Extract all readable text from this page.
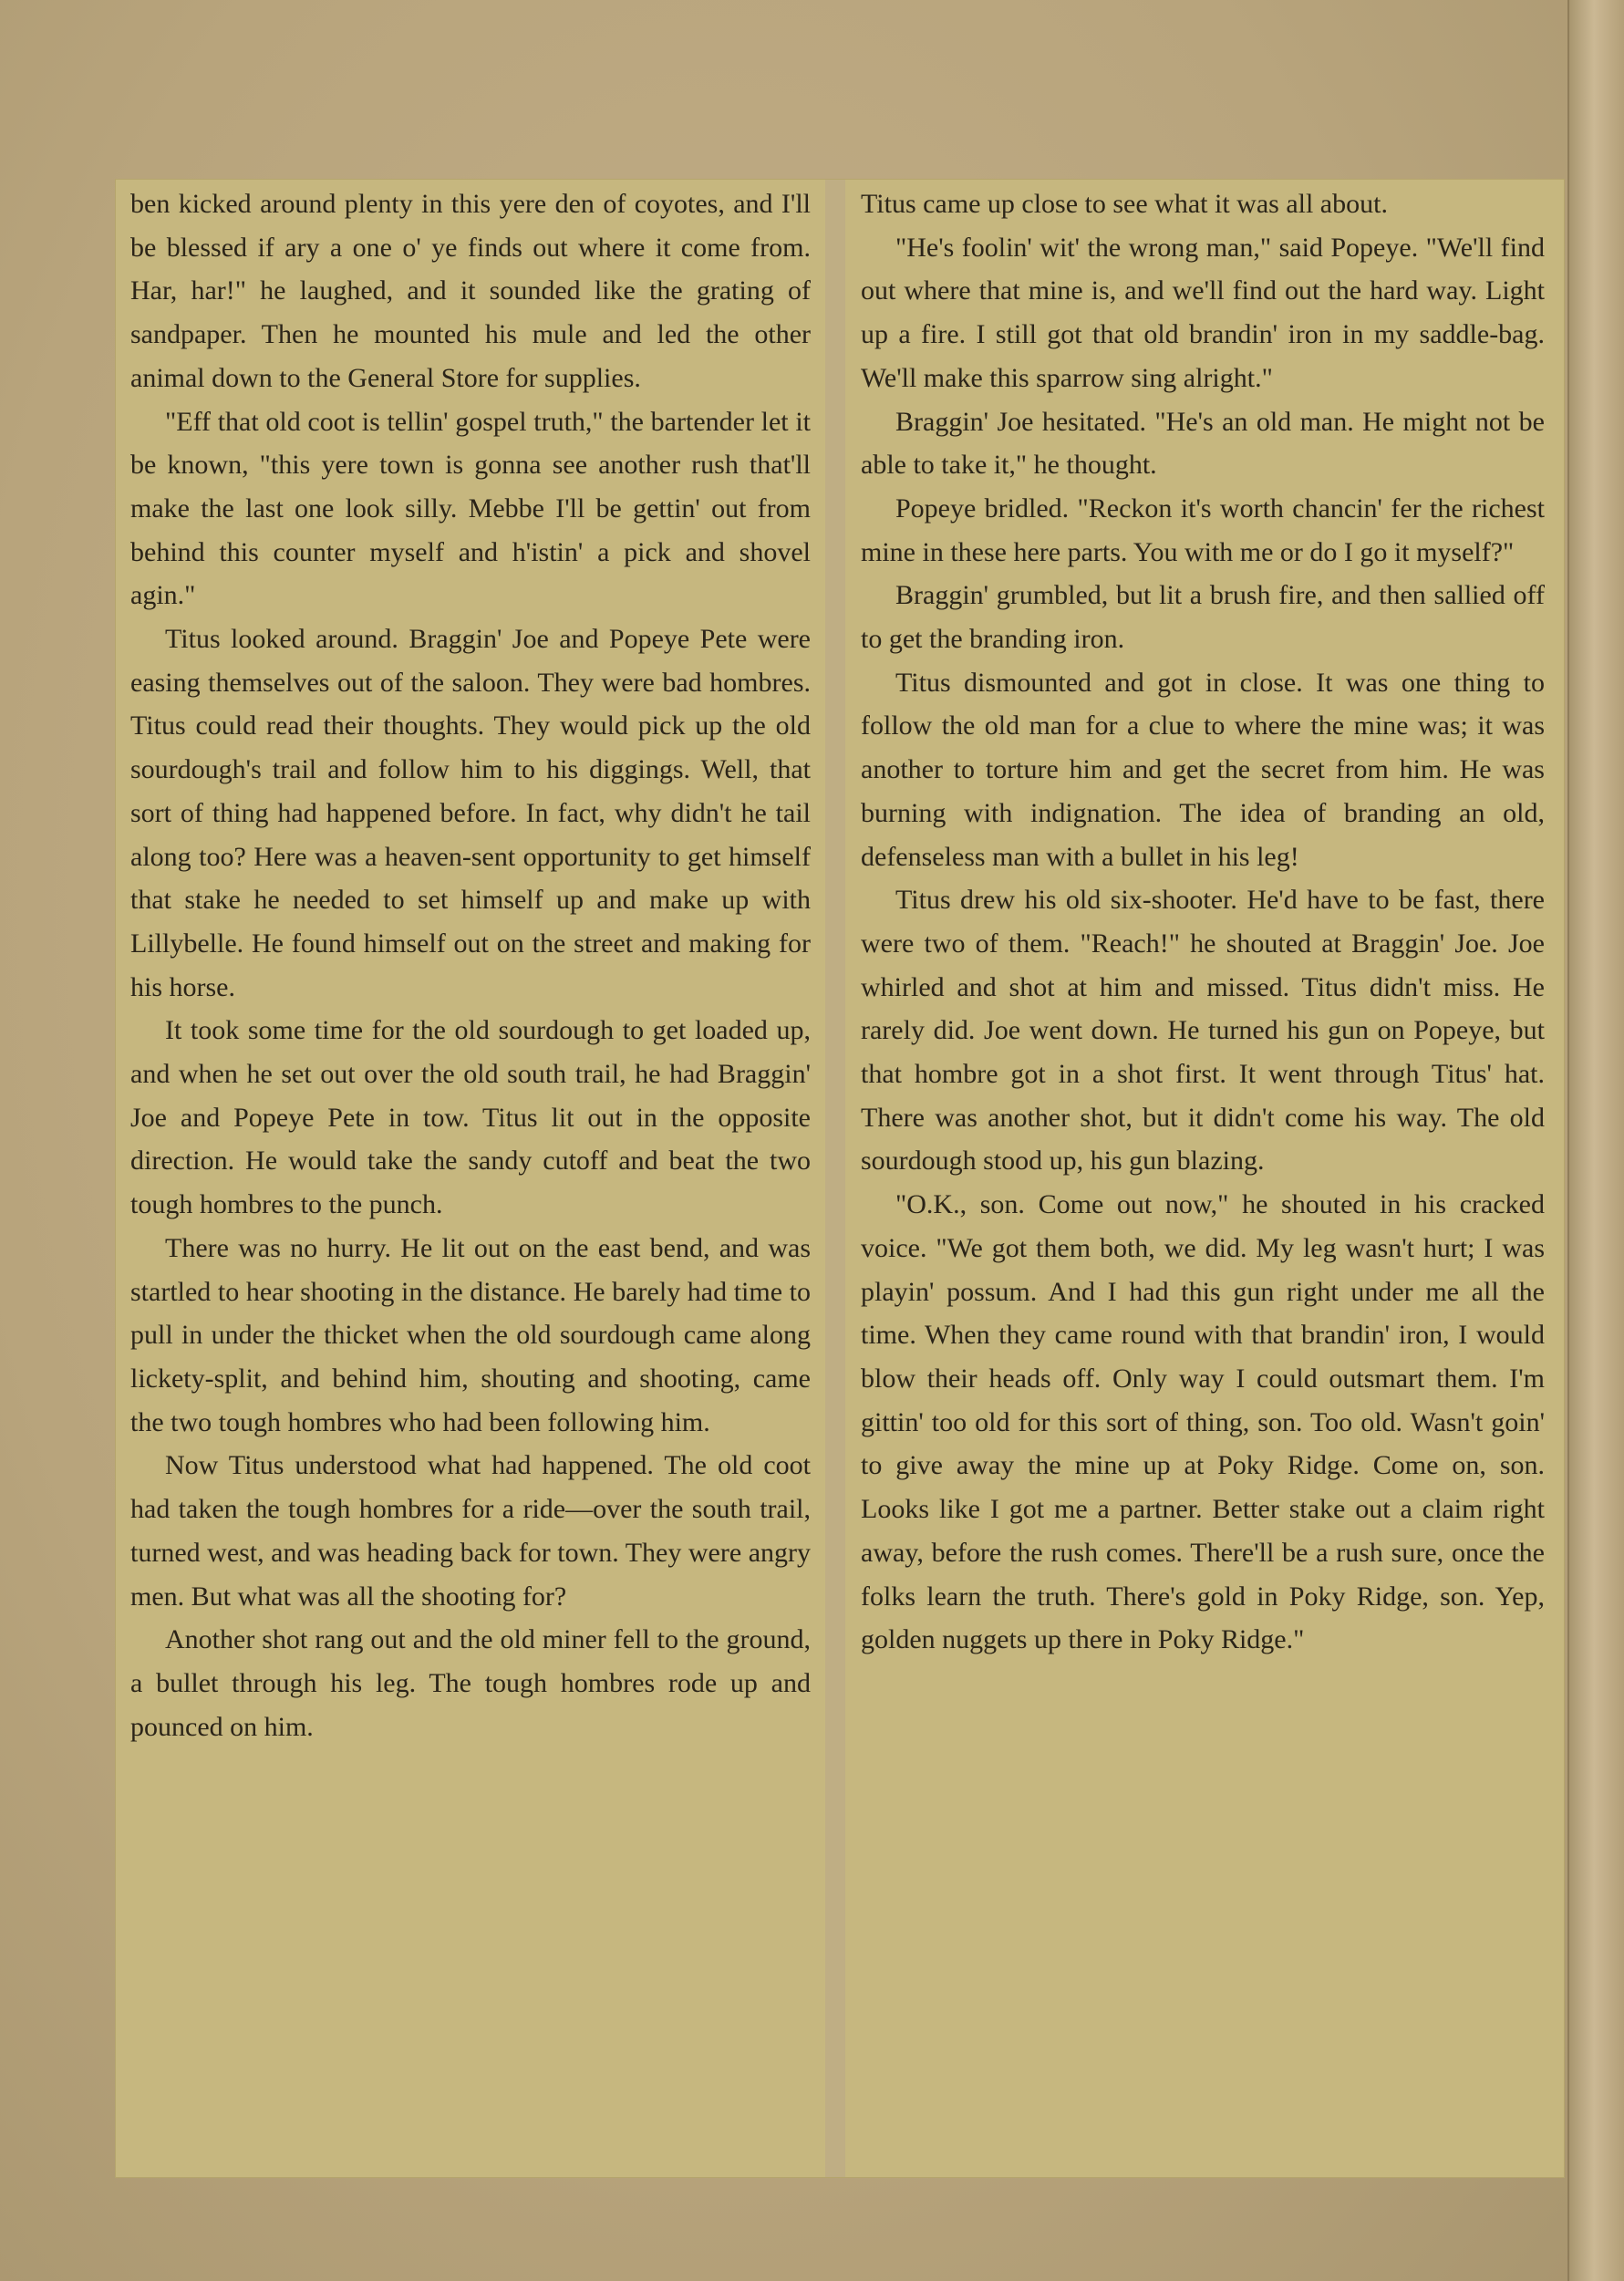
ben kicked around plenty in this yere den of coyotes, and I'll be blessed if ary a one o' ye finds out where it come from. Har, har!" he laughed, and it sounded like the grating of sandpaper. Then he mounted his mule and led the other animal down to the General Store for supplies.

"Eff that old coot is tellin' gospel truth," the bartender let it be known, "this yere town is gonna see another rush that'll make the last one look silly. Mebbe I'll be gettin' out from behind this counter myself and h'istin' a pick and shovel agin."

Titus looked around. Braggin' Joe and Popeye Pete were easing themselves out of the saloon. They were bad hombres. Titus could read their thoughts. They would pick up the old sourdough's trail and follow him to his diggings. Well, that sort of thing had happened before. In fact, why didn't he tail along too? Here was a heaven-sent opportunity to get himself that stake he needed to set himself up and make up with Lillybelle. He found himself out on the street and making for his horse.

It took some time for the old sourdough to get loaded up, and when he set out over the old south trail, he had Braggin' Joe and Popeye Pete in tow. Titus lit out in the opposite direction. He would take the sandy cutoff and beat the two tough hombres to the punch.

There was no hurry. He lit out on the east bend, and was startled to hear shooting in the distance. He barely had time to pull in under the thicket when the old sourdough came along lickety-split, and behind him, shouting and shooting, came the two tough hombres who had been following him.

Now Titus understood what had happened. The old coot had taken the tough hombres for a ride—over the south trail, turned west, and was heading back for town. They were angry men. But what was all the shooting for?

Another shot rang out and the old miner fell to the ground, a bullet through his leg. The tough hombres rode up and pounced on him.

Titus came up close to see what it was all about.

"He's foolin' wit' the wrong man," said Popeye. "We'll find out where that mine is, and we'll find out the hard way. Light up a fire. I still got that old brandin' iron in my saddle-bag. We'll make this sparrow sing alright."

Braggin' Joe hesitated. "He's an old man. He might not be able to take it," he thought.

Popeye bridled. "Reckon it's worth chancin' fer the richest mine in these here parts. You with me or do I go it myself?"

Braggin' grumbled, but lit a brush fire, and then sallied off to get the branding iron.

Titus dismounted and got in close. It was one thing to follow the old man for a clue to where the mine was; it was another to torture him and get the secret from him. He was burning with indignation. The idea of branding an old, defenseless man with a bullet in his leg!

Titus drew his old six-shooter. He'd have to be fast, there were two of them. "Reach!" he shouted at Braggin' Joe. Joe whirled and shot at him and missed. Titus didn't miss. He rarely did. Joe went down. He turned his gun on Popeye, but that hombre got in a shot first. It went through Titus' hat. There was another shot, but it didn't come his way. The old sourdough stood up, his gun blazing.

"O.K., son. Come out now," he shouted in his cracked voice. "We got them both, we did. My leg wasn't hurt; I was playin' possum. And I had this gun right under me all the time. When they came round with that brandin' iron, I would blow their heads off. Only way I could outsmart them. I'm gittin' too old for this sort of thing, son. Too old. Wasn't goin' to give away the mine up at Poky Ridge. Come on, son. Looks like I got me a partner. Better stake out a claim right away, before the rush comes. There'll be a rush sure, once the folks learn the truth. There's gold in Poky Ridge, son. Yep, golden nuggets up there in Poky Ridge."
